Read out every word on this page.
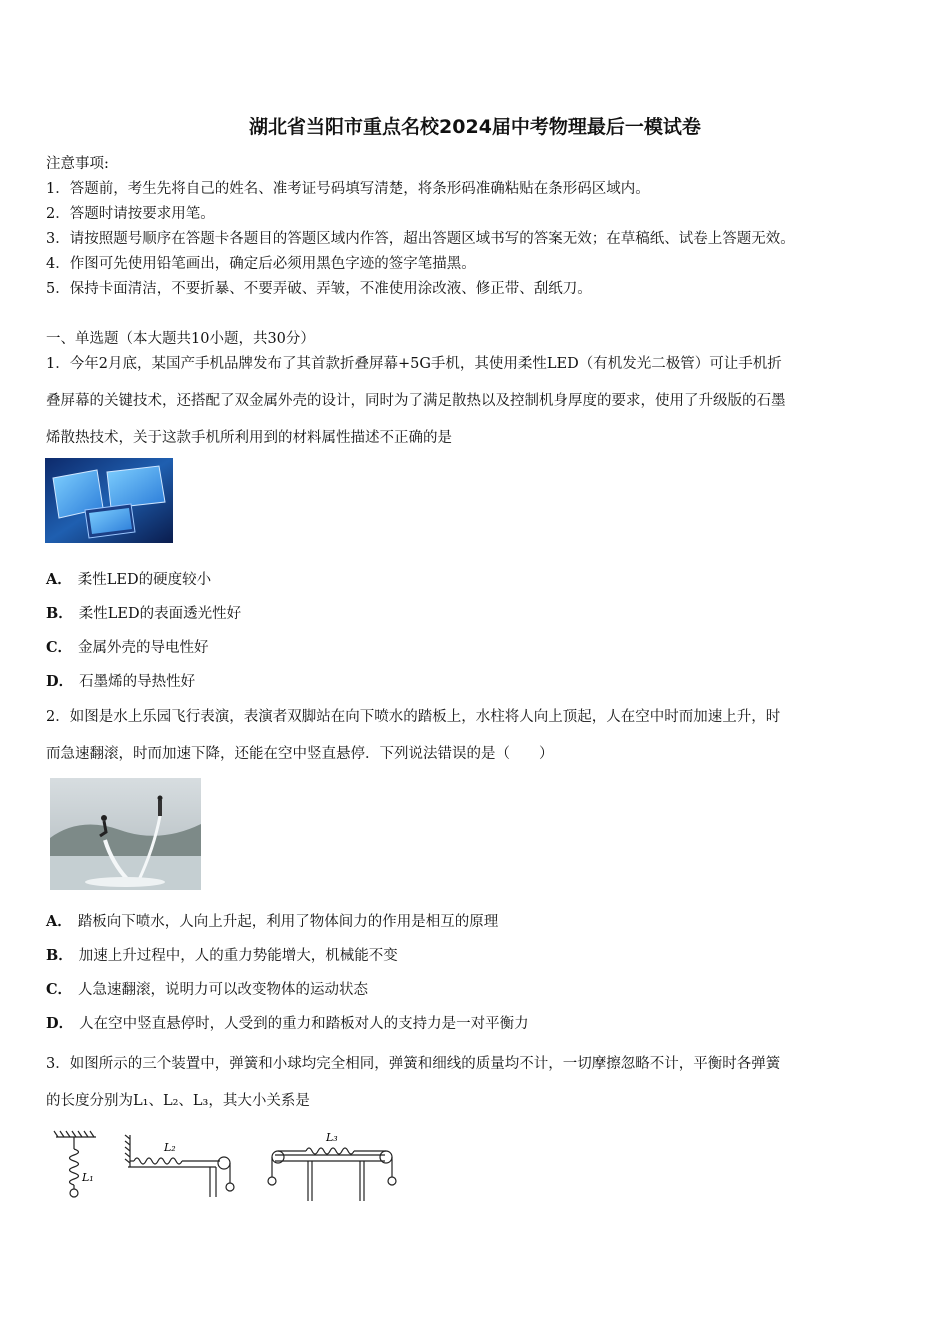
湖北省当阳市重点名校2024届中考物理最后一模试卷
注意事项:
1．答题前，考生先将自己的姓名、准考证号码填写清楚，将条形码准确粘贴在条形码区域内。
2．答题时请按要求用笔。
3．请按照题号顺序在答题卡各题目的答题区域内作答，超出答题区域书写的答案无效；在草稿纸、试卷上答题无效。
4．作图可先使用铅笔画出，确定后必须用黑色字迹的签字笔描黑。
5．保持卡面清洁，不要折暴、不要弄破、弄皱，不准使用涂改液、修正带、刮纸刀。
一、单选题（本大题共10小题，共30分）
1．今年2月底，某国产手机品牌发布了其首款折叠屏幕+5G手机，其使用柔性LED（有机发光二极管）可让手机折
叠屏幕的关键技术，还搭配了双金属外壳的设计，同时为了满足散热以及控制机身厚度的要求，使用了升级版的石墨
烯散热技术，关于这款手机所利用到的材料属性描述不正确的是
A． 柔性LED的硬度较小
B． 柔性LED的表面透光性好
C． 金属外壳的导电性好
D． 石墨烯的导热性好
2．如图是水上乐园飞行表演，表演者双脚站在向下喷水的踏板上，水柱将人向上顶起，人在空中时而加速上升，时
而急速翻滚，时而加速下降，还能在空中竖直悬停．下列说法错误的是（　　）
A． 踏板向下喷水，人向上升起，利用了物体间力的作用是相互的原理
B． 加速上升过程中，人的重力势能增大，机械能不变
C． 人急速翻滚，说明力可以改变物体的运动状态
D． 人在空中竖直悬停时，人受到的重力和踏板对人的支持力是一对平衡力
3．如图所示的三个装置中，弹簧和小球均完全相同，弹簧和细线的质量均不计，一切摩擦忽略不计，平衡时各弹簧
的长度分别为L₁、L₂、L₃，其大小关系是
L₁
L₂
L₃
